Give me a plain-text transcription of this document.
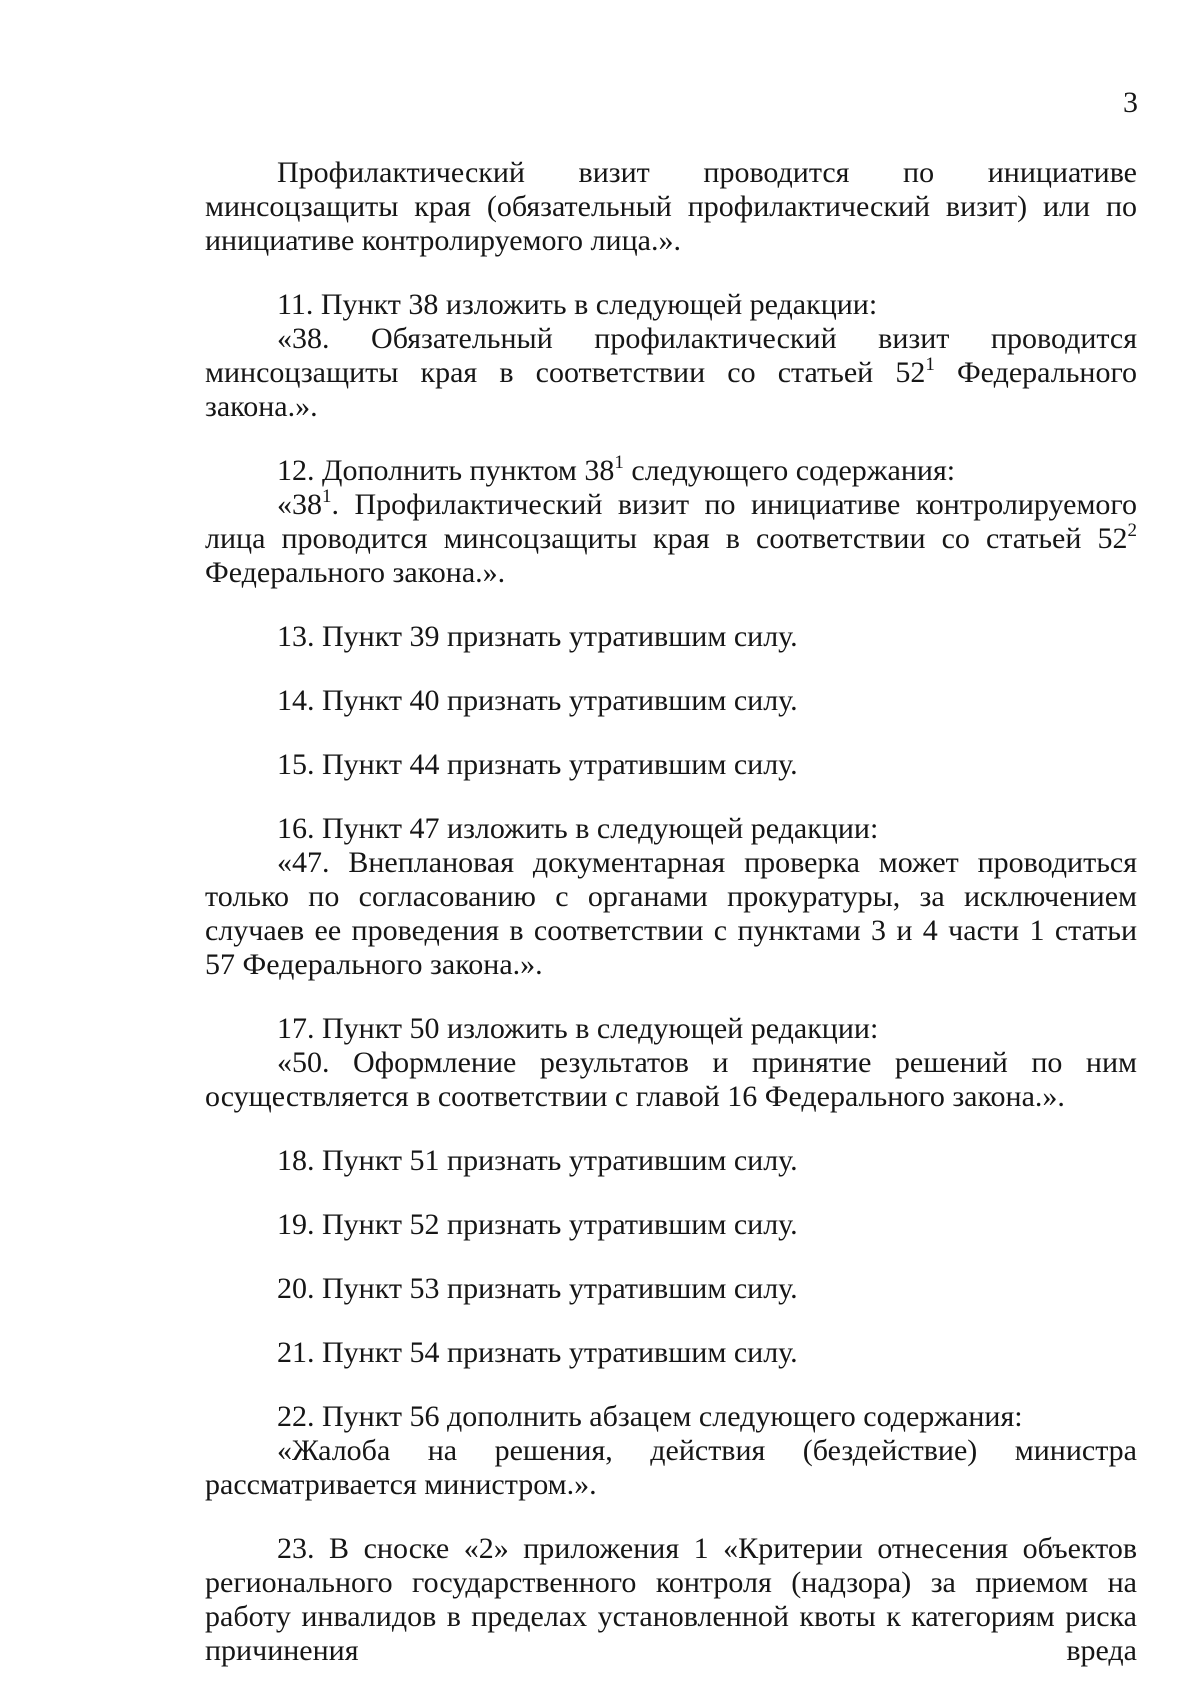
3

Профилактический визит проводится по инициативе минсоцзащиты края (обязательный профилактический визит) или по инициативе контролируемого лица.».

11. Пункт 38 изложить в следующей редакции:

«38. Обязательный профилактический визит проводится минсоцзащиты края в соответствии со статьей $52^1$ Федерального закона.».

12. Дополнить пунктом $38^1$ следующего содержания:

«$38^1$. Профилактический визит по инициативе контролируемого лица проводится минсоцзащиты края в соответствии со статьей $52^2$ Федерального закона.».

13. Пункт 39 признать утратившим силу.

14. Пункт 40 признать утратившим силу.

15. Пункт 44 признать утратившим силу.

16. Пункт 47 изложить в следующей редакции:

«47. Внеплановая документарная проверка может проводиться только по согласованию с органами прокуратуры, за исключением случаев ее проведения в соответствии с пунктами 3 и 4 части 1 статьи 57 Федерального закона.».

17. Пункт 50 изложить в следующей редакции:

«50. Оформление результатов и принятие решений по ним осуществляется в соответствии с главой 16 Федерального закона.».

18. Пункт 51 признать утратившим силу.

19. Пункт 52 признать утратившим силу.

20. Пункт 53 признать утратившим силу.

21. Пункт 54 признать утратившим силу.

22. Пункт 56 дополнить абзацем следующего содержания:

«Жалоба на решения, действия (бездействие) министра рассматривается министром.».

23. В сноске «2» приложения 1 «Критерии отнесения объектов регионального государственного контроля (надзора) за приемом на работу инвалидов в пределах установленной квоты к категориям риска причинения вреда
